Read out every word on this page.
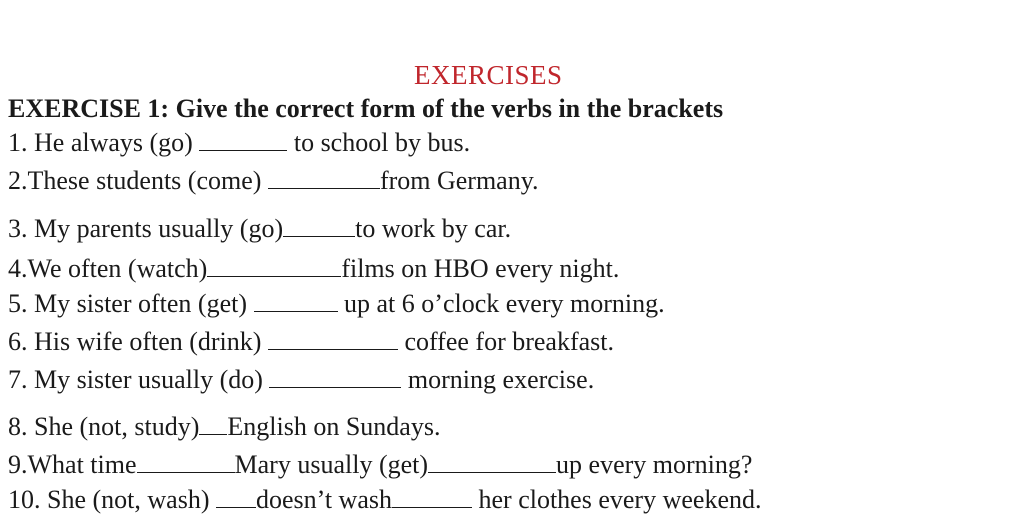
EXERCISES
EXERCISE 1: Give the correct form of the verbs in the brackets
1. He always (go)	to school by bus.
2.These students (come)	from Germany.
3. My parents usually (go)	to work by car.
4.We often (watch)	films on HBO every night.
5. My sister often (get)	up at 6 o’clock every morning.
6. His wife often (drink)	coffee for breakfast.
7. My sister usually (do)	morning exercise.
8. She (not, study) English on Sundays.
9.What time	Mary usually (get)	up every morning?
10. She (not, wash) doesn’t wash	her clothes every weekend.
